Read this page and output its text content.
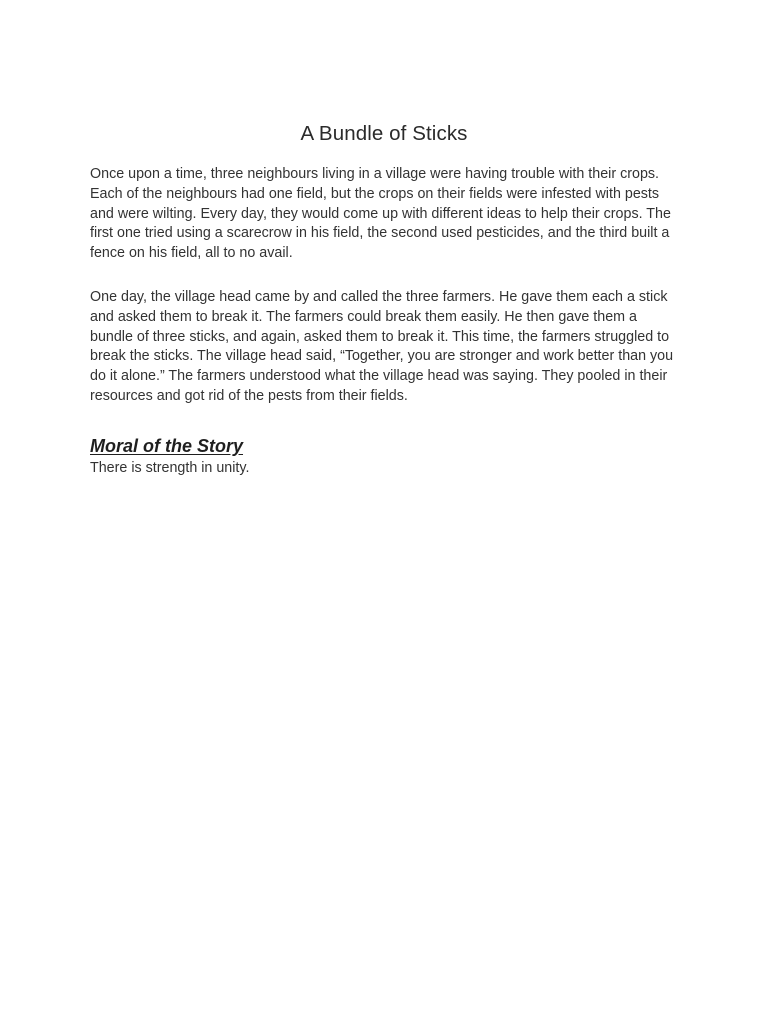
A Bundle of Sticks

Once upon a time, three neighbours living in a village were having trouble with their crops. Each of the neighbours had one field, but the crops on their fields were infested with pests and were wilting. Every day, they would come up with different ideas to help their crops. The first one tried using a scarecrow in his field, the second used pesticides, and the third built a fence on his field, all to no avail.

One day, the village head came by and called the three farmers. He gave them each a stick and asked them to break it. The farmers could break them easily. He then gave them a bundle of three sticks, and again, asked them to break it. This time, the farmers struggled to break the sticks. The village head said, “Together, you are stronger and work better than you do it alone.” The farmers understood what the village head was saying. They pooled in their resources and got rid of the pests from their fields.

Moral of the Story

There is strength in unity.
